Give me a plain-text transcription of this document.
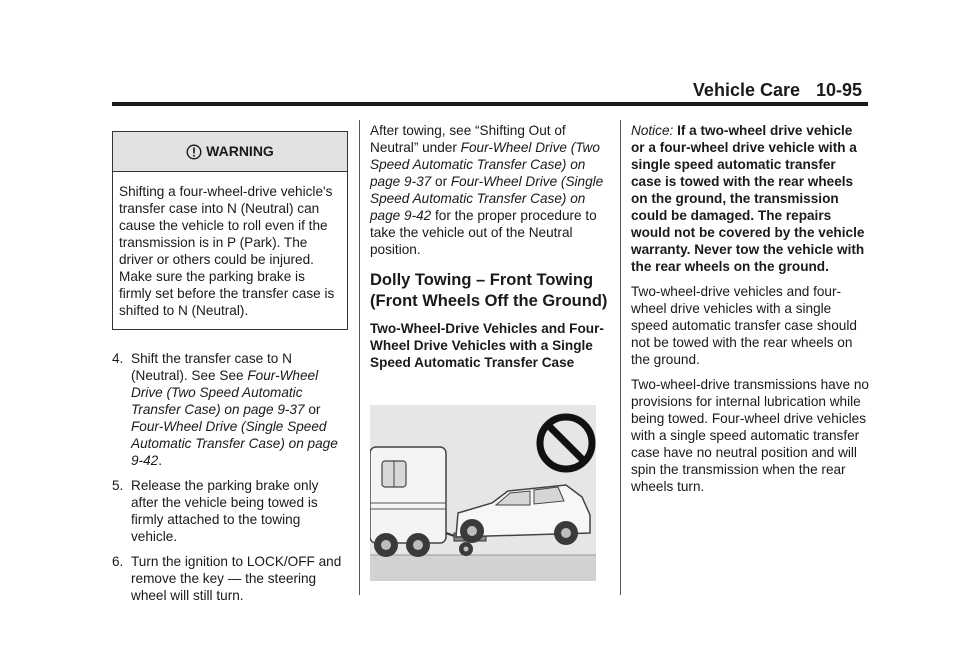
Vehicle Care 10-95
WARNING
Shifting a four-wheel-drive vehicle's transfer case into N (Neutral) can cause the vehicle to roll even if the transmission is in P (Park). The driver or others could be injured. Make sure the parking brake is firmly set before the transfer case is shifted to N (Neutral).
4. Shift the transfer case to N (Neutral). See See Four-Wheel Drive (Two Speed Automatic Transfer Case) on page 9-37 or Four-Wheel Drive (Single Speed Automatic Transfer Case) on page 9-42.
5. Release the parking brake only after the vehicle being towed is firmly attached to the towing vehicle.
6. Turn the ignition to LOCK/OFF and remove the key — the steering wheel will still turn.

After towing, see “Shifting Out of Neutral” under Four-Wheel Drive (Two Speed Automatic Transfer Case) on page 9-37 or Four-Wheel Drive (Single Speed Automatic Transfer Case) on page 9-42 for the proper procedure to take the vehicle out of the Neutral position.

Dolly Towing – Front Towing (Front Wheels Off the Ground)
Two-Wheel-Drive Vehicles and Four-Wheel Drive Vehicles with a Single Speed Automatic Transfer Case

Notice: If a two-wheel drive vehicle or a four-wheel drive vehicle with a single speed automatic transfer case is towed with the rear wheels on the ground, the transmission could be damaged. The repairs would not be covered by the vehicle warranty. Never tow the vehicle with the rear wheels on the ground.

Two-wheel-drive vehicles and four-wheel drive vehicles with a single speed automatic transfer case should not be towed with the rear wheels on the ground.

Two-wheel-drive transmissions have no provisions for internal lubrication while being towed. Four-wheel drive vehicles with a single speed automatic transfer case have no neutral position and will spin the transmission when the rear wheels turn.
